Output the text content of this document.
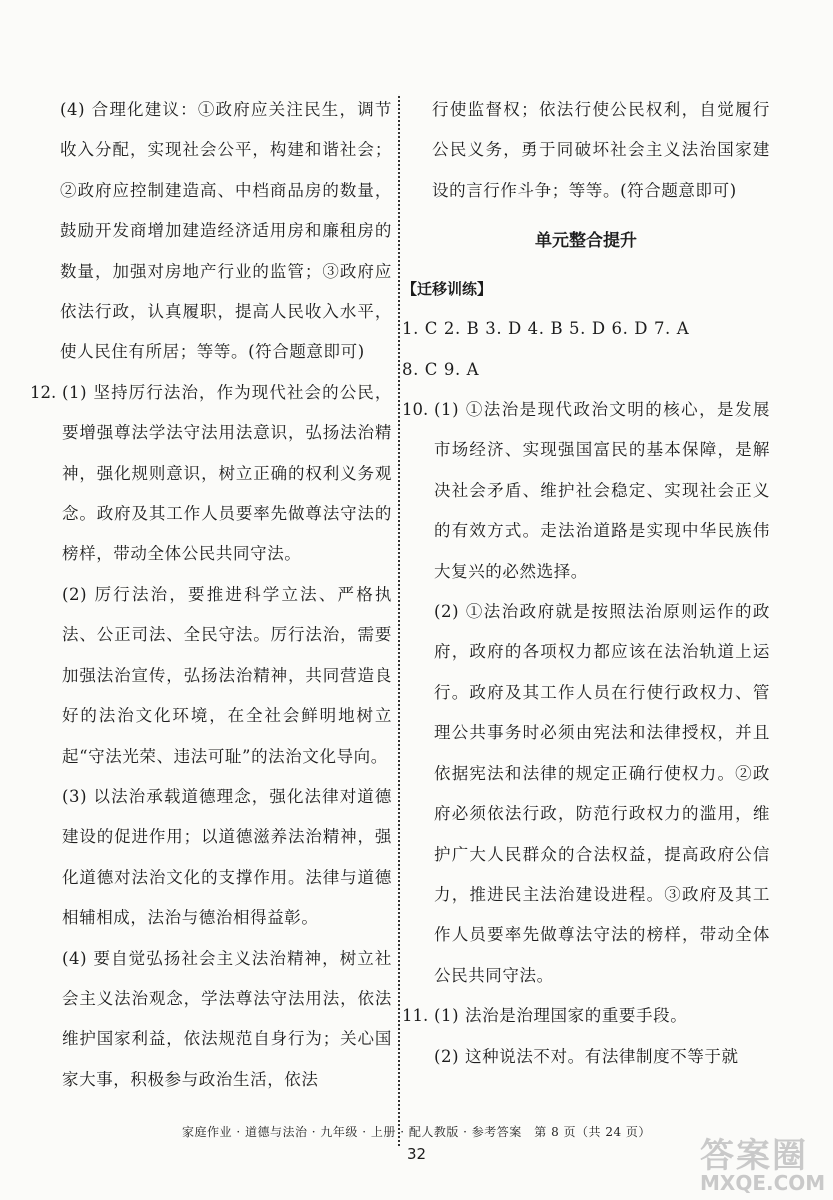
(4) 合理化建议：①政府应关注民生，调节收入分配，实现社会公平，构建和谐社会；②政府应控制建造高、中档商品房的数量，鼓励开发商增加建造经济适用房和廉租房的数量，加强对房地产行业的监管；③政府应依法行政，认真履职，提高人民收入水平，使人民住有所居；等等。(符合题意即可)

12. (1) 坚持厉行法治，作为现代社会的公民，要增强尊法学法守法用法意识，弘扬法治精神，强化规则意识，树立正确的权利义务观念。政府及其工作人员要率先做尊法守法的榜样，带动全体公民共同守法。

(2) 厉行法治，要推进科学立法、严格执法、公正司法、全民守法。厉行法治，需要加强法治宣传，弘扬法治精神，共同营造良好的法治文化环境，在全社会鲜明地树立起“守法光荣、违法可耻”的法治文化导向。

(3) 以法治承载道德理念，强化法律对道德建设的促进作用；以道德滋养法治精神，强化道德对法治文化的支撑作用。法律与道德相辅相成，法治与德治相得益彰。

(4) 要自觉弘扬社会主义法治精神，树立社会主义法治观念，学法尊法守法用法，依法维护国家利益，依法规范自身行为；关心国家大事，积极参与政治生活，依法

行使监督权；依法行使公民权利，自觉履行公民义务，勇于同破坏社会主义法治国家建设的言行作斗争；等等。(符合题意即可)

单元整合提升

【迁移训练】

1. C 2. B 3. D 4. B 5. D 6. D 7. A

8. C 9. A

10. (1) ①法治是现代政治文明的核心，是发展市场经济、实现强国富民的基本保障，是解决社会矛盾、维护社会稳定、实现社会正义的有效方式。走法治道路是实现中华民族伟大复兴的必然选择。

(2) ①法治政府就是按照法治原则运作的政府，政府的各项权力都应该在法治轨道上运行。政府及其工作人员在行使行政权力、管理公共事务时必须由宪法和法律授权，并且依据宪法和法律的规定正确行使权力。②政府必须依法行政，防范行政权力的滥用，维护广大人民群众的合法权益，提高政府公信力，推进民主法治建设进程。③政府及其工作人员要率先做尊法守法的榜样，带动全体公民共同守法。

11. (1) 法治是治理国家的重要手段。

(2) 这种说法不对。有法律制度不等于就

家庭作业 · 道德与法治 · 九年级 · 上册 · 配人教版 · 参考答案　第 8 页（共 24 页）
32	答案圈
MXQE.COM
